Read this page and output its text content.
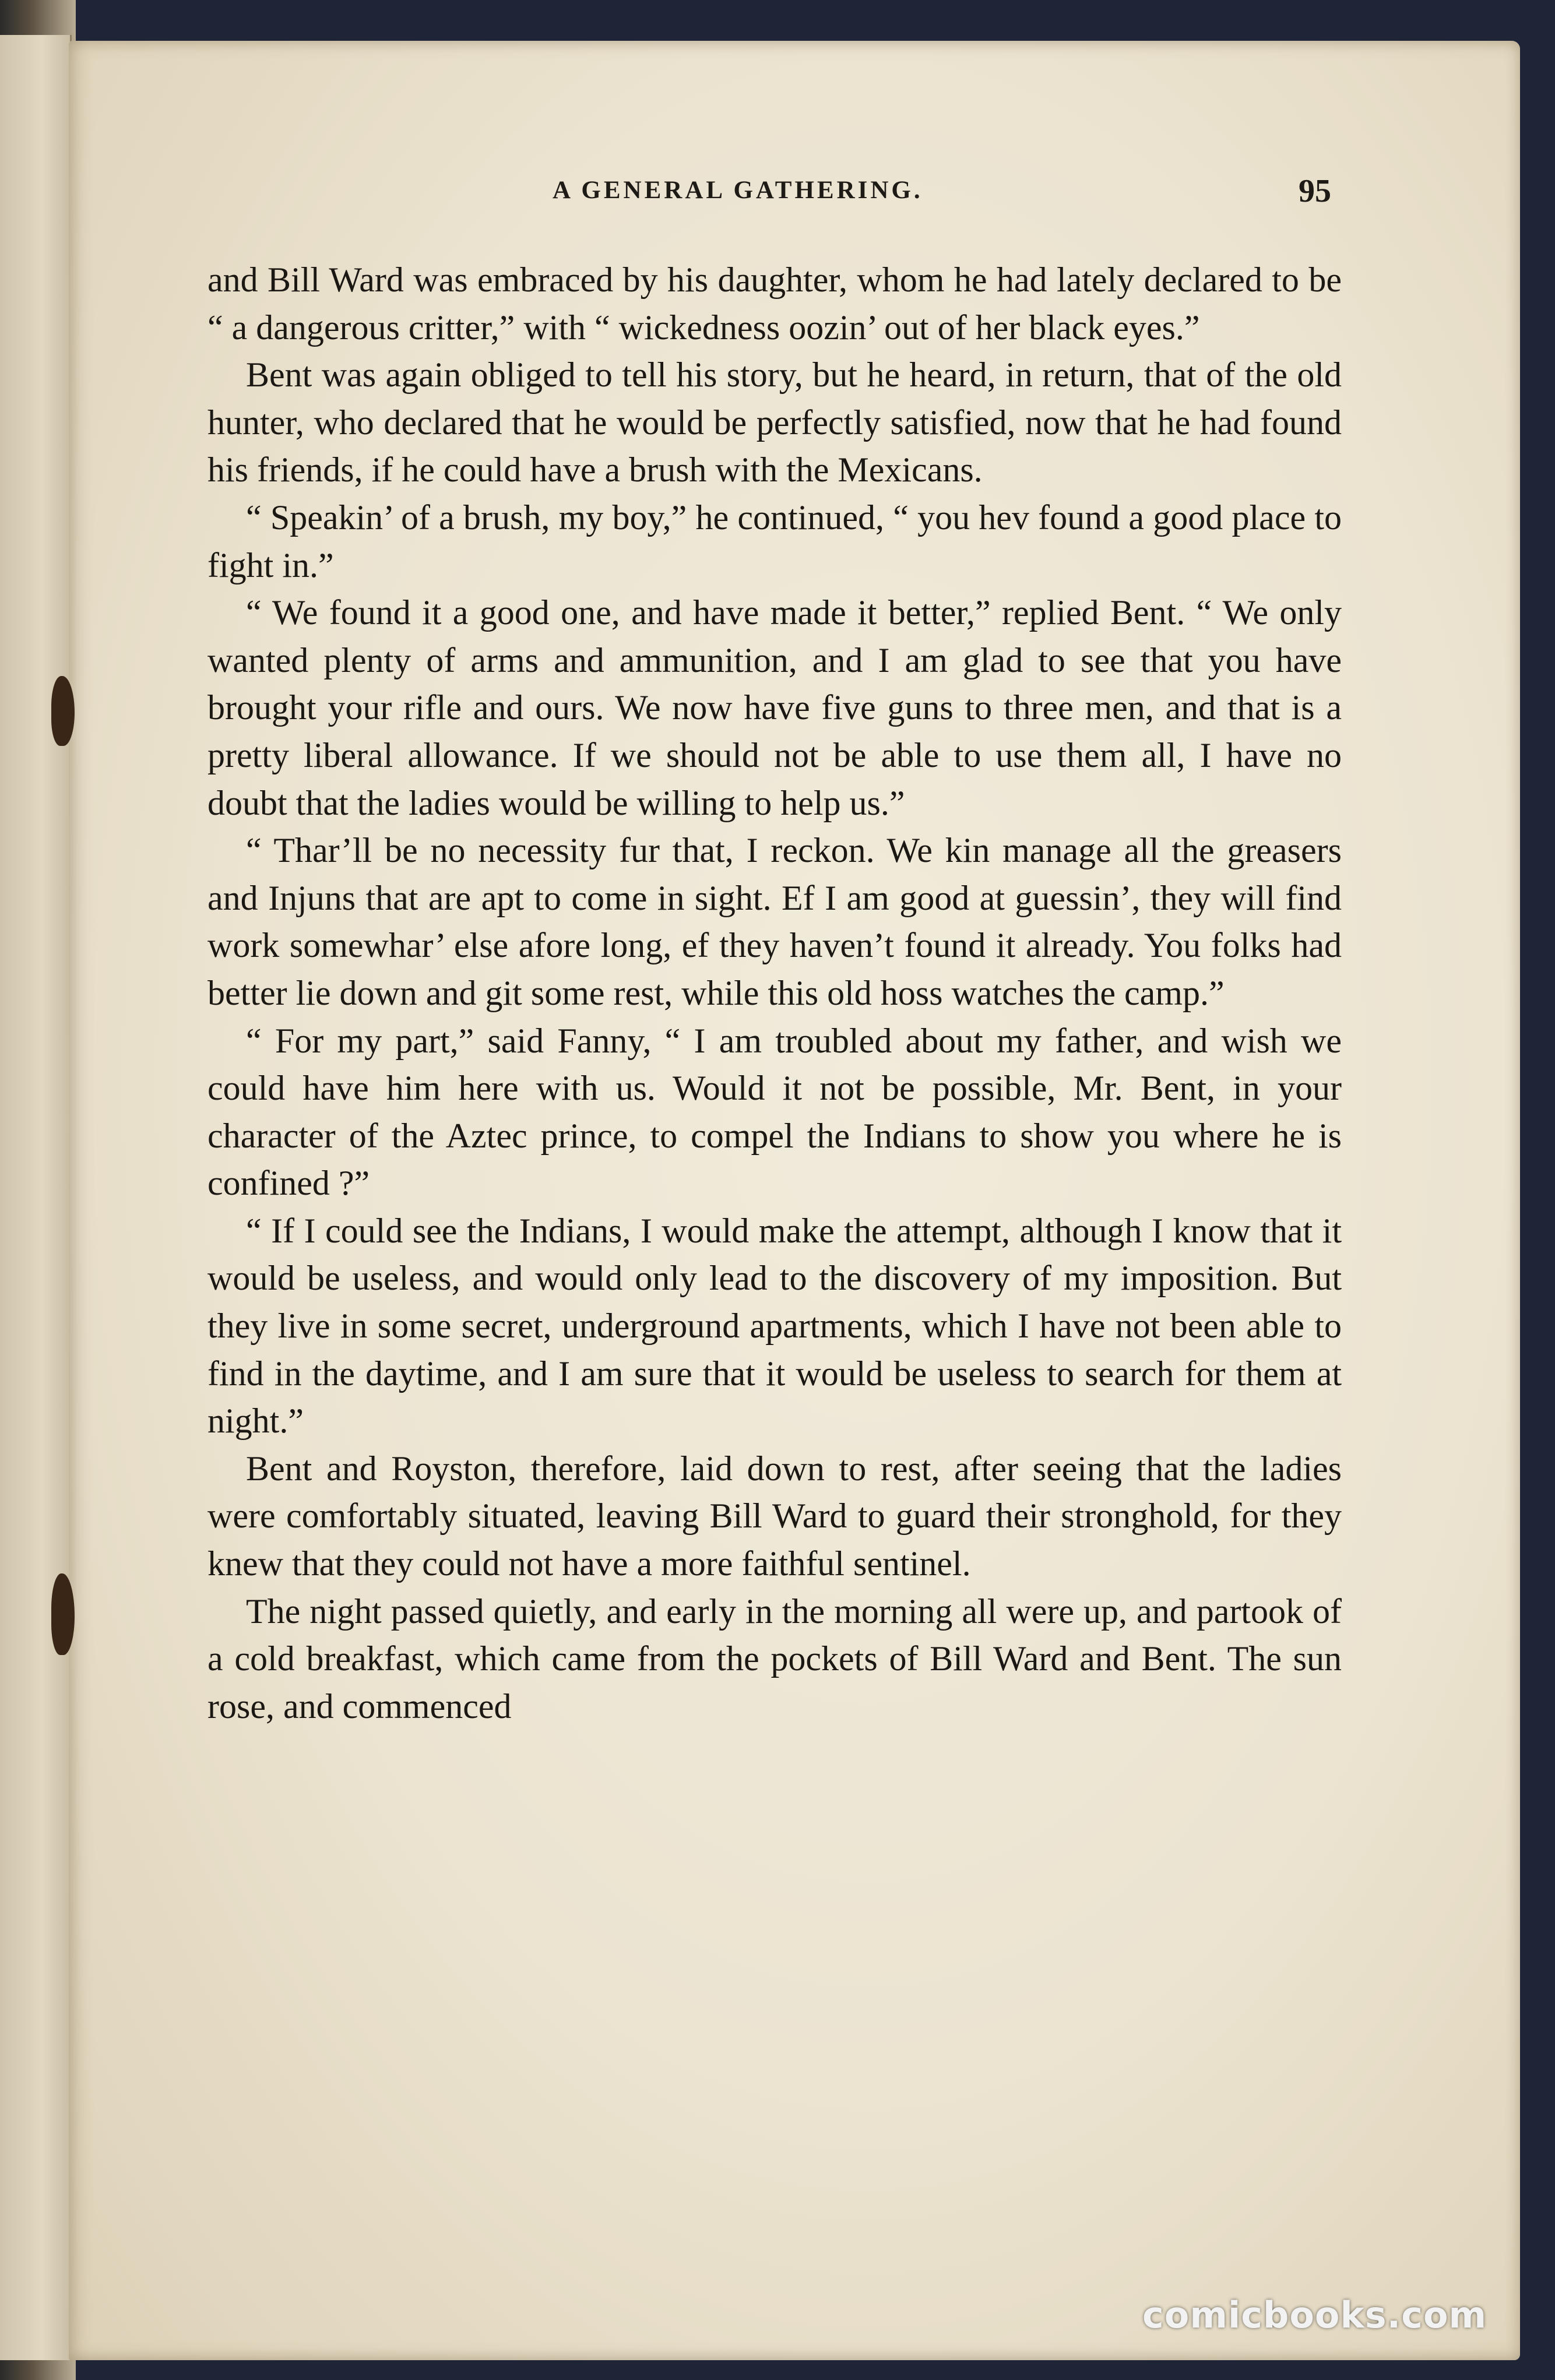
A GENERAL GATHERING.	95

and Bill Ward was embraced by his daughter, whom he had lately declared to be “ a dangerous critter,” with “ wickedness oozin’ out of her black eyes.”

Bent was again obliged to tell his story, but he heard, in return, that of the old hunter, who declared that he would be perfectly satisfied, now that he had found his friends, if he could have a brush with the Mexicans.

“ Speakin’ of a brush, my boy,” he continued, “ you hev found a good place to fight in.”

“ We found it a good one, and have made it better,” replied Bent. “ We only wanted plenty of arms and ammunition, and I am glad to see that you have brought your rifle and ours. We now have five guns to three men, and that is a pretty liberal allowance. If we should not be able to use them all, I have no doubt that the ladies would be willing to help us.”

“ Thar’ll be no necessity fur that, I reckon. We kin manage all the greasers and Injuns that are apt to come in sight. Ef I am good at guessin’, they will find work somewhar’ else afore long, ef they haven’t found it already. You folks had better lie down and git some rest, while this old hoss watches the camp.”

“ For my part,” said Fanny, “ I am troubled about my father, and wish we could have him here with us. Would it not be possible, Mr. Bent, in your character of the Aztec prince, to compel the Indians to show you where he is confined ?”

“ If I could see the Indians, I would make the attempt, although I know that it would be useless, and would only lead to the discovery of my imposition. But they live in some secret, underground apartments, which I have not been able to find in the daytime, and I am sure that it would be useless to search for them at night.”

Bent and Royston, therefore, laid down to rest, after seeing that the ladies were comfortably situated, leaving Bill Ward to guard their stronghold, for they knew that they could not have a more faithful sentinel.

The night passed quietly, and early in the morning all were up, and partook of a cold breakfast, which came from the pockets of Bill Ward and Bent. The sun rose, and commenced

comicbooks.com
